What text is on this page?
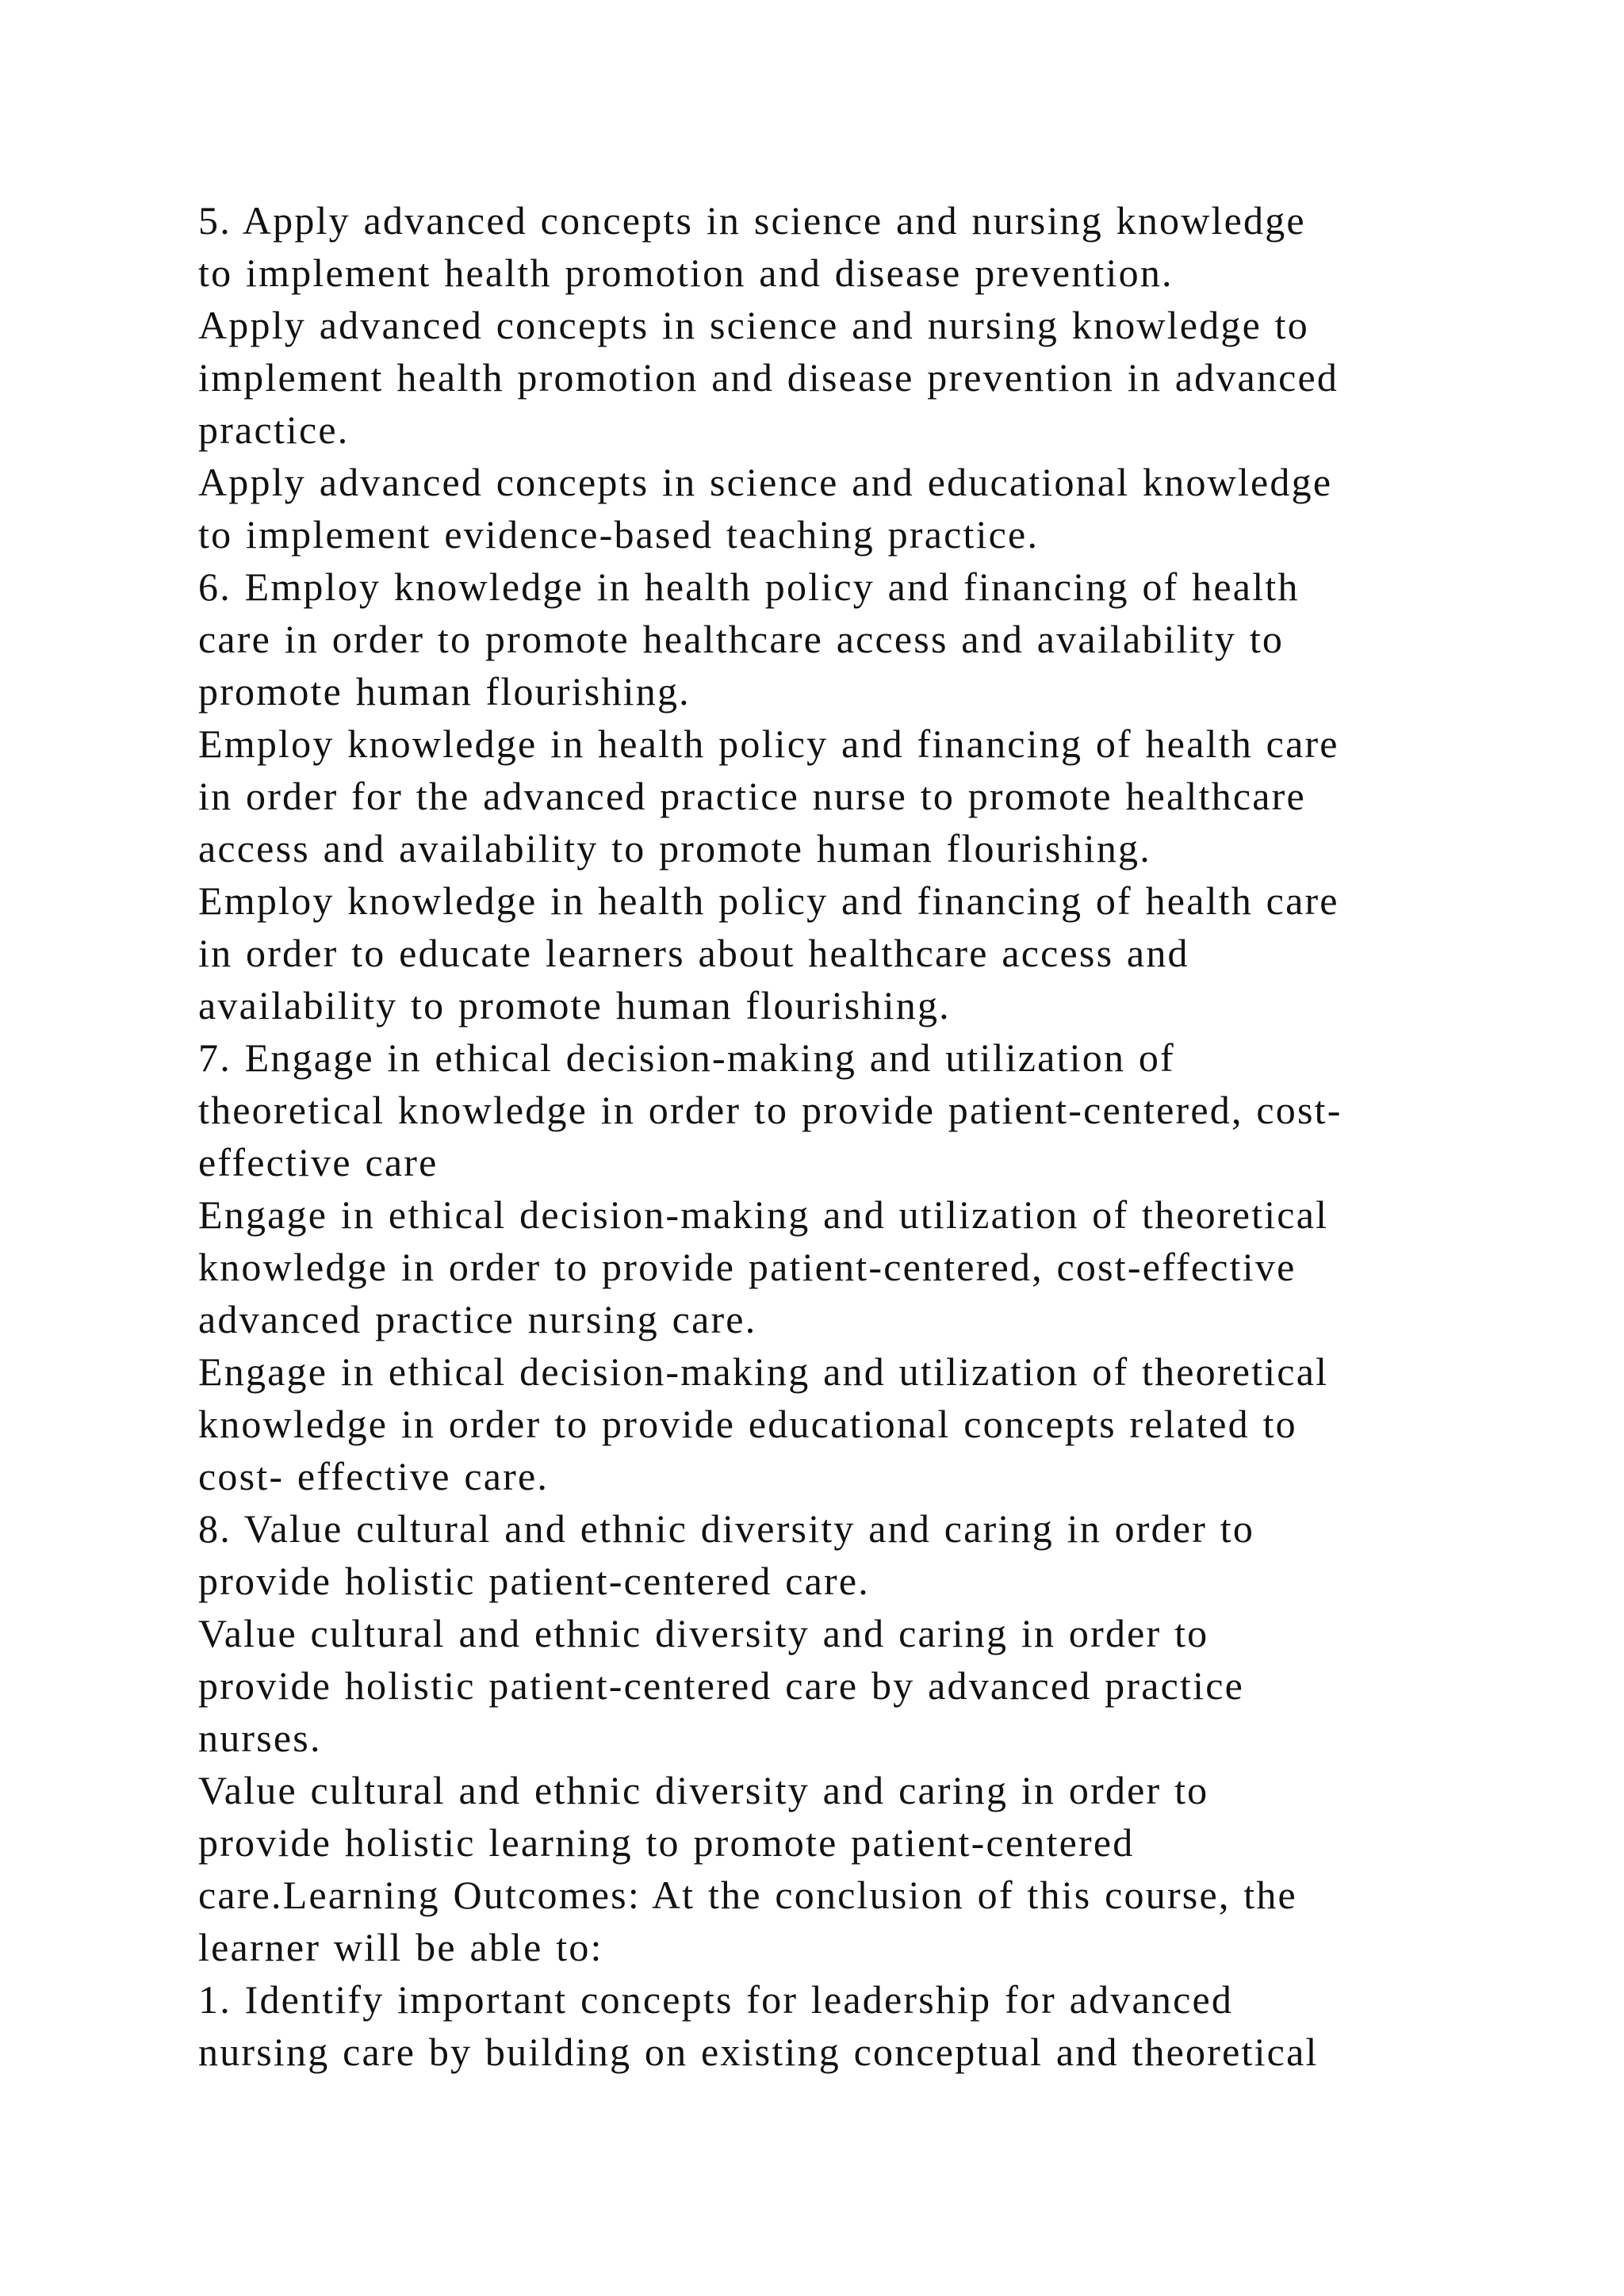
5. Apply advanced concepts in science and nursing knowledge
to implement health promotion and disease prevention.
Apply advanced concepts in science and nursing knowledge to
implement health promotion and disease prevention in advanced
practice.
Apply advanced concepts in science and educational knowledge
to implement evidence-based teaching practice.
6. Employ knowledge in health policy and financing of health
care in order to promote healthcare access and availability to
promote human flourishing.
Employ knowledge in health policy and financing of health care
in order for the advanced practice nurse to promote healthcare
access and availability to promote human flourishing.
Employ knowledge in health policy and financing of health care
in order to educate learners about healthcare access and
availability to promote human flourishing.
7. Engage in ethical decision-making and utilization of
theoretical knowledge in order to provide patient-centered, cost-
effective care
Engage in ethical decision-making and utilization of theoretical
knowledge in order to provide patient-centered, cost-effective
advanced practice nursing care.
Engage in ethical decision-making and utilization of theoretical
knowledge in order to provide educational concepts related to
cost- effective care.
8. Value cultural and ethnic diversity and caring in order to
provide holistic patient-centered care.
Value cultural and ethnic diversity and caring in order to
provide holistic patient-centered care by advanced practice
nurses.
Value cultural and ethnic diversity and caring in order to
provide holistic learning to promote patient-centered
care.Learning Outcomes: At the conclusion of this course, the
learner will be able to:
1. Identify important concepts for leadership for advanced
nursing care by building on existing conceptual and theoretical
